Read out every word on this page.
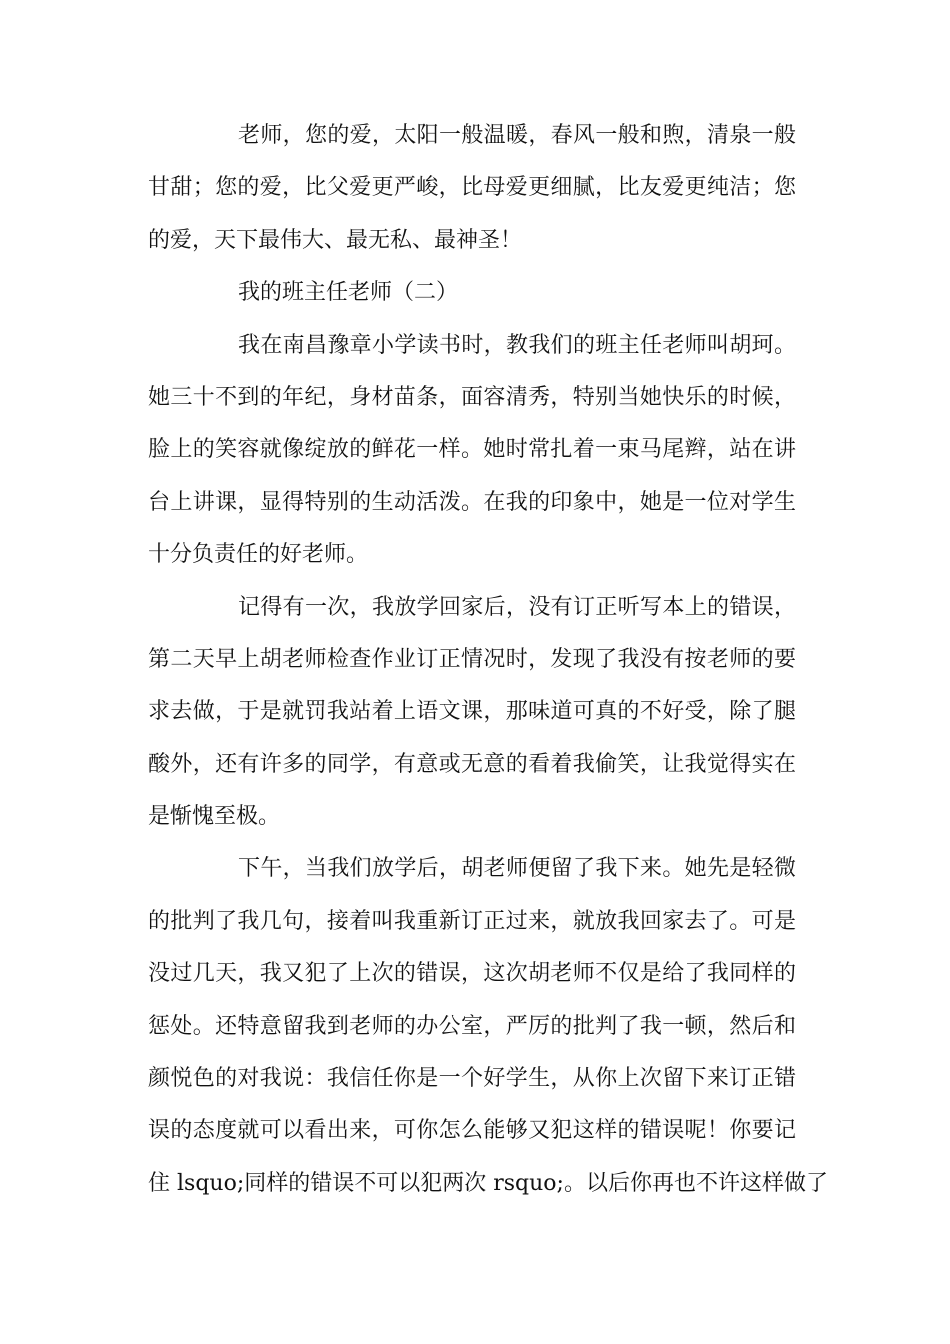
老师，您的爱，太阳一般温暖，春风一般和煦，清泉一般
甘甜；您的爱，比父爱更严峻，比母爱更细腻，比友爱更纯洁；您
的爱，天下最伟大、最无私、最神圣！
我的班主任老师（二）
我在南昌豫章小学读书时，教我们的班主任老师叫胡珂。
她三十不到的年纪，身材苗条，面容清秀，特别当她快乐的时候，
脸上的笑容就像绽放的鲜花一样。她时常扎着一束马尾辫，站在讲
台上讲课，显得特别的生动活泼。在我的印象中，她是一位对学生
十分负责任的好老师。
记得有一次，我放学回家后，没有订正听写本上的错误，
第二天早上胡老师检查作业订正情况时，发现了我没有按老师的要
求去做，于是就罚我站着上语文课，那味道可真的不好受，除了腿
酸外，还有许多的同学，有意或无意的看着我偷笑，让我觉得实在
是惭愧至极。
下午，当我们放学后，胡老师便留了我下来。她先是轻微
的批判了我几句，接着叫我重新订正过来，就放我回家去了。可是
没过几天，我又犯了上次的错误，这次胡老师不仅是给了我同样的
惩处。还特意留我到老师的办公室，严厉的批判了我一顿，然后和
颜悦色的对我说：我信任你是一个好学生，从你上次留下来订正错
误的态度就可以看出来，可你怎么能够又犯这样的错误呢！你要记
住 lsquo;同样的错误不可以犯两次 rsquo;。以后你再也不许这样做了
